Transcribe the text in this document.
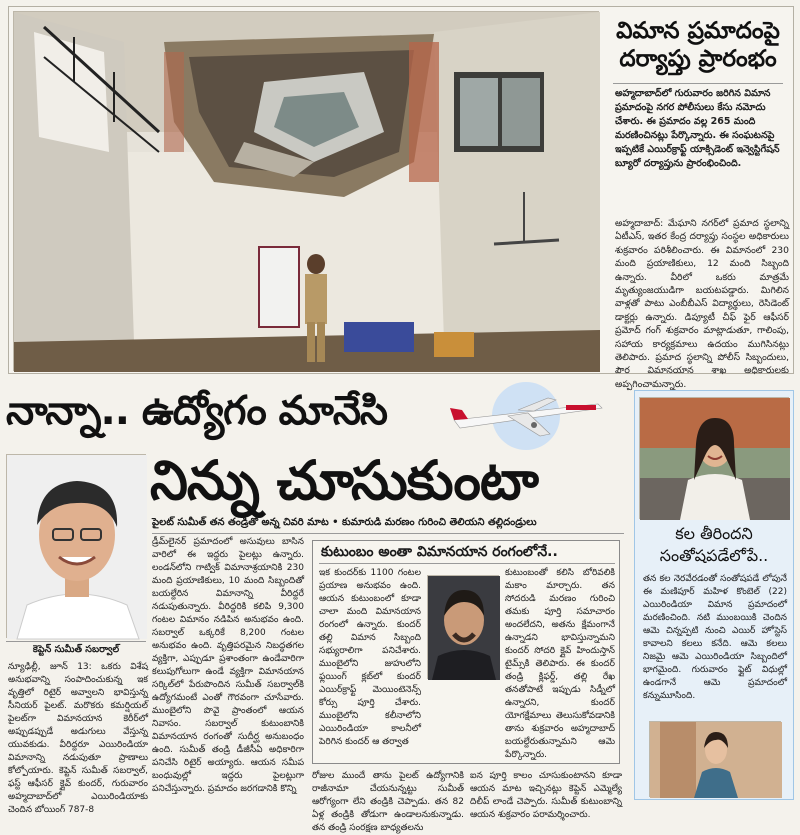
విమాన ప్రమాదంపై దర్యాప్తు ప్రారంభం
అహ్మదాబాద్‌లో గురువారం జరిగిన విమాన ప్రమాదంపై నగర పోలీసులు కేసు నమోదు చేశారు. ఈ ప్రమాదం వల్ల 265 మంది మరణించినట్లు పేర్కొన్నారు. ఈ సంఘటనపై ఇప్పటికే ఎయిర్‌క్రాఫ్ట్ యాక్సిడెంట్ ఇన్వెస్టిగేషన్ బ్యూరో దర్యాప్తును ప్రారంభించింది.
అహ్మదాబాద్: మేఘాని నగర్‌లో ప్రమాద స్థలాన్ని ఏటీఎస్, ఇతర కేంద్ర దర్యాప్తు సంస్థల అధికారులు శుక్రవారం పరిశీలించారు. ఈ విమానంలో 230 మంది ప్రయాణికులు, 12 మంది సిబ్బంది ఉన్నారు. వీరిలో ఒకరు మాత్రమే మృత్యుంజయుడిగా బయటపడ్డారు. మిగిలిన వాళ్లతో పాటు ఎంబీబీఎస్ విద్యార్థులు, రెసిడెంట్ డాక్టర్లు ఉన్నారు. డిప్యూటీ చీఫ్ ఫైర్ ఆఫీసర్ ప్రమోద్ గంగ్ శుక్రవారం మాట్లాడుతూ, గాలింపు, సహాయ కార్యక్రమాలు ఉదయం ముగిసినట్లు తెలిపారు. ప్రమాద స్థలాన్ని పోలీస్ సిబ్బందులు, పౌర విమానయాన శాఖ అధికారులకు అప్పగించామన్నారు.
నాన్నా.. ఉద్యోగం మానేసి
నిన్ను చూసుకుంటా
కెప్టెన్ సుమీత్ సబర్వాల్
పైలట్ సుమీత్ తన తండ్రితో అన్న చివరి మాట • కుమారుడి మరణం గురించి తెలియని తల్లిదండ్రులు
న్యూఢిల్లీ, జూన్ 13: ఒకరు విశేష అనుభవాన్ని సంపాదించుకున్న ఇక వృత్తిలో రిటైర్ అవ్వాలని భావిస్తున్న సీనియర్ పైలట్. మరొకరు కమర్షియల్ పైలట్‌గా విమానయాన కెరీర్‌లో అప్పుడప్పుడే అడుగులు వేస్తున్న యువకుడు. వీరిద్దరూ ఎయిరిండియా విమానాన్ని నడుపుతూ ప్రాణాలు కోల్పోయారు. కెప్టెన్ సుమీత్ సబర్వాల్, ఫస్ట్ ఆఫీసర్ క్లైవ్ కుందర్, గురువారం అహ్మదాబాద్‌లో ఎయిరిండియాకు చెందిన బోయింగ్ 787-8
డ్రీమ్‌లైనర్ ప్రమాదంలో అసువులు బాసిన వారిలో ఈ ఇద్దరు పైలట్లు ఉన్నారు. లండన్‌లోని గాట్విక్ విమానాశ్రయానికి 230 మంది ప్రయాణికులు, 10 మంది సిబ్బందితో బయల్దేరిన విమానాన్ని వీరిద్దరే నడుపుతున్నారు. వీరిద్దరికి కలిపి 9,300 గంటల విమానం నడిపిన అనుభవం ఉంది. సబర్వాల్ ఒక్కరికే 8,200 గంటల అనుభవం ఉంది. వృత్తిపరమైన నిబద్ధతగల వ్యక్తిగా, ఎప్పుడూ ప్రశాంతంగా ఉండేవారిగా కలుపుగోలుగా ఉండే వ్యక్తిగా విమానయాన సర్కిల్‌లో పేరుపొందిన సుమీత్ సబర్వాల్‌కి ఉద్యోగమంటే ఎంతో గౌరవంగా చూసేవారు. ముంబైలోని పొవై ప్రాంతంలో ఆయన నివాసం. సబర్వాల్ కుటుంబానికి విమానయాన రంగంతో సుదీర్ఘ అనుబంధం ఉంది. సుమీత్ తండ్రి డీజీసీఏ అధికారిగా పనిచేసి రిటైర్ అయ్యారు. ఆయన సమీప బంధువుల్లో ఇద్దరు పైలట్లుగా పనిచేస్తున్నారు. ప్రమాదం జరగడానికి కొన్ని
కుటుంబం అంతా విమానయాన రంగంలోనే..
ఇక కుందర్‌కు 1100 గంటల ప్రయాణ అనుభవం ఉంది. ఆయన కుటుంబంలో కూడా చాలా మంది విమానయాన రంగంలో ఉన్నారు. కుందర్ తల్లి విమాన సిబ్బంది సభ్యురాలిగా పనిచేశారు. ముంబైలోని జుహులోని ఫ్లయింగ్ క్లబ్‌లో కుందర్ ఎయిర్‌క్రాఫ్ట్ మెయింటెనెన్స్ కోర్సు పూర్తి చేశారు. ముంబైలోని కలీనాలోని ఎయిరిండియా కాలనీలో పెరిగిన కుందర్ ఆ తర్వాత
కుటుంబంతో కలిసి బోరివలికి మకాం మార్చారు. తన సోదరుడి మరణం గురించి తమకు పూర్తి సమాచారం అందలేదని, అతను క్షేమంగానే ఉన్నాడని భావిస్తున్నామని కుందర్ సోదరి క్లైవ్ హిందుస్తాన్ టైమ్స్‌కి తెలిపారు. ఈ కుందర్ తండ్రి క్లిఫర్డ్, తల్లి రేఖ తనతోపాటే ఇప్పుడు సిడ్నీలో ఉన్నారని, కుందర్ యోగక్షేమాలు తెలుసుకోవడానికి తాను శుక్రవారం అహ్మదాబాద్ బయల్దేరుతున్నామని ఆమె పేర్కొన్నారు.
రోజుల ముందే తాను పైలట్ ఉద్యోగానికి రాజీనామా చేయనున్నట్టు సుమీత్ ఆరోగ్యంగా లేని తండ్రికి చెప్పాడు. తన 82 ఏళ్ల తండ్రికి తోడుగా ఉండాలనుకున్నాడు. తన తండ్రి సంరక్షణ బాధ్యతలను
ఐన పూర్తి కాలం చూసుకుంటానని కూడా ఆయన మాట ఇచ్చినట్లు కెప్టెన్ ఎమ్మెల్యే దిలీప్ లాండే చెప్పారు. సుమీత్ కుటుంబాన్ని ఆయన శుక్రవారం పరామర్శించారు.
కల తీరిందని సంతోషపడేలోపే..
తన కల నెరవేరడంతో సంతోషపడే లోపునే ఈ మణిపూర్ మహిళ కొంబెల్ (22) ఎయిరిండియా విమాన ప్రమాదంలో మరణించింది. నటి ముంబయికి చెందిన ఆమె చిన్నప్పటి నుంచి ఎయిర్ హోస్టెస్ కావాలని కలలు కనేది. ఆమె కలలు నిజమై ఆమె ఎయిరిండియా సిబ్బందిలో భాగమైంది. గురువారం ఫ్లైట్ విధుల్లో ఉండగానే ఆమె ప్రమాదంలో కన్నుమూసింది.
